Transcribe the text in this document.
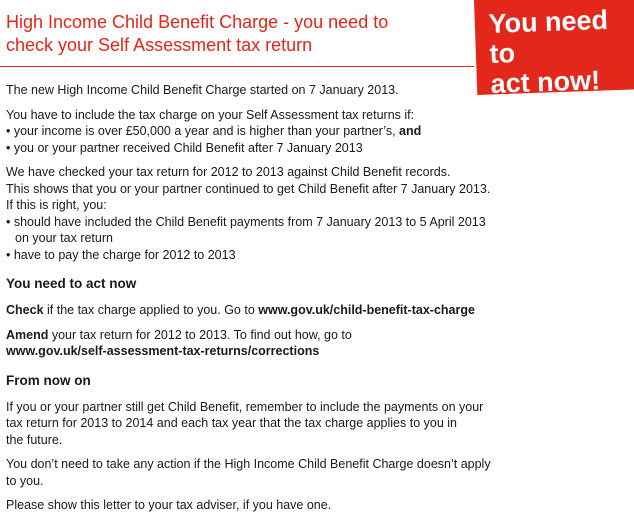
High Income Child Benefit Charge - you need to
check your Self Assessment tax return

You need to
act now!

The new High Income Child Benefit Charge started on 7 January 2013.

You have to include the tax charge on your Self Assessment tax returns if:
• your income is over £50,000 a year and is higher than your partner’s, and
• you or your partner received Child Benefit after 7 January 2013

We have checked your tax return for 2012 to 2013 against Child Benefit records.
This shows that you or your partner continued to get Child Benefit after 7 January 2013.
If this is right, you:
• should have included the Child Benefit payments from 7 January 2013 to 5 April 2013
on your tax return
• have to pay the charge for 2012 to 2013

You need to act now

Check if the tax charge applied to you. Go to www.gov.uk/child-benefit-tax-charge

Amend your tax return for 2012 to 2013. To find out how, go to
www.gov.uk/self-assessment-tax-returns/corrections

From now on

If you or your partner still get Child Benefit, remember to include the payments on your
tax return for 2013 to 2014 and each tax year that the tax charge applies to you in
the future.

You don’t need to take any action if the High Income Child Benefit Charge doesn’t apply
to you.

Please show this letter to your tax adviser, if you have one.
